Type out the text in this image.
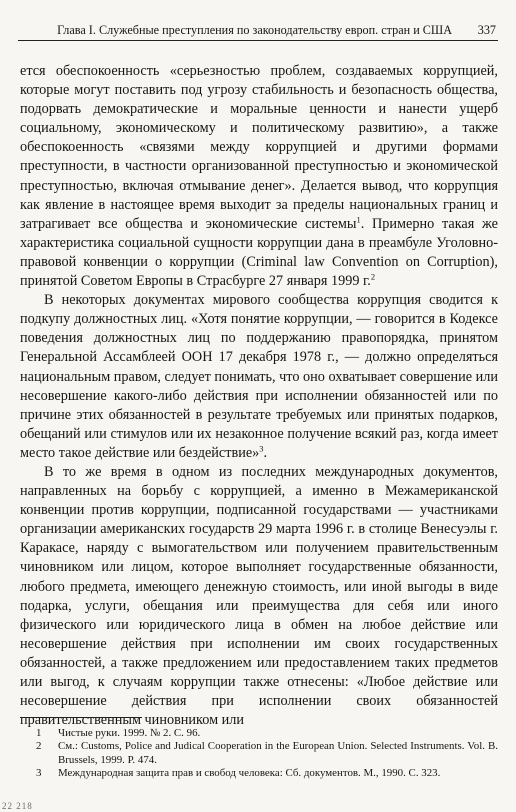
Глава I. Служебные преступления по законодательству европ. стран и США 337

ется обеспокоенность «серьезностью проблем, создаваемых коррупцией, которые могут поставить под угрозу стабильность и безопасность общества, подорвать демократические и моральные ценности и нанести ущерб социальному, экономическому и политическому развитию», а также обеспокоенность «связями между коррупцией и другими формами преступности, в частности организованной преступностью и экономической преступностью, включая отмывание денег». Делается вывод, что коррупция как явление в настоящее время выходит за пределы национальных границ и затрагивает все общества и экономические системы$^1$. Примерно такая же характеристика социальной сущности коррупции дана в преамбуле Уголовно-правовой конвенции о коррупции (Criminal law Convention on Corruption), принятой Советом Европы в Страсбурге 27 января 1999 г.$^2$

В некоторых документах мирового сообщества коррупция сводится к подкупу должностных лиц. «Хотя понятие коррупции, — говорится в Кодексе поведения должностных лиц по поддержанию правопорядка, принятом Генеральной Ассамблеей ООН 17 декабря 1978 г., — должно определяться национальным правом, следует понимать, что оно охватывает совершение или несовершение какого-либо действия при исполнении обязанностей или по причине этих обязанностей в результате требуемых или принятых подарков, обещаний или стимулов или их незаконное получение всякий раз, когда имеет место такое действие или бездействие»$^3$.

В то же время в одном из последних международных документов, направленных на борьбу с коррупцией, а именно в Межамериканской конвенции против коррупции, подписанной государствами — участниками организации американских государств 29 марта 1996 г. в столице Венесуэлы г. Каракасе, наряду с вымогательством или получением правительственным чиновником или лицом, которое выполняет государственные обязанности, любого предмета, имеющего денежную стоимость, или иной выгоды в виде подарка, услуги, обещания или преимущества для себя или иного физического или юридического лица в обмен на любое действие или несовершение действия при исполнении им своих государственных обязанностей, а также предложением или предоставлением таких предметов или выгод, к случаям коррупции также отнесены: «Любое действие или несовершение действия при исполнении своих обязанностей правительственным чиновником или

1 Чистые руки. 1999. № 2. С. 96.

2 См.: Customs, Police and Judical Cooperation in the European Union. Selected Instruments. Vol. B. Brussels, 1999. P. 474.

3 Международная защита прав и свобод человека: Сб. документов. М., 1990. С. 323.

22 218
